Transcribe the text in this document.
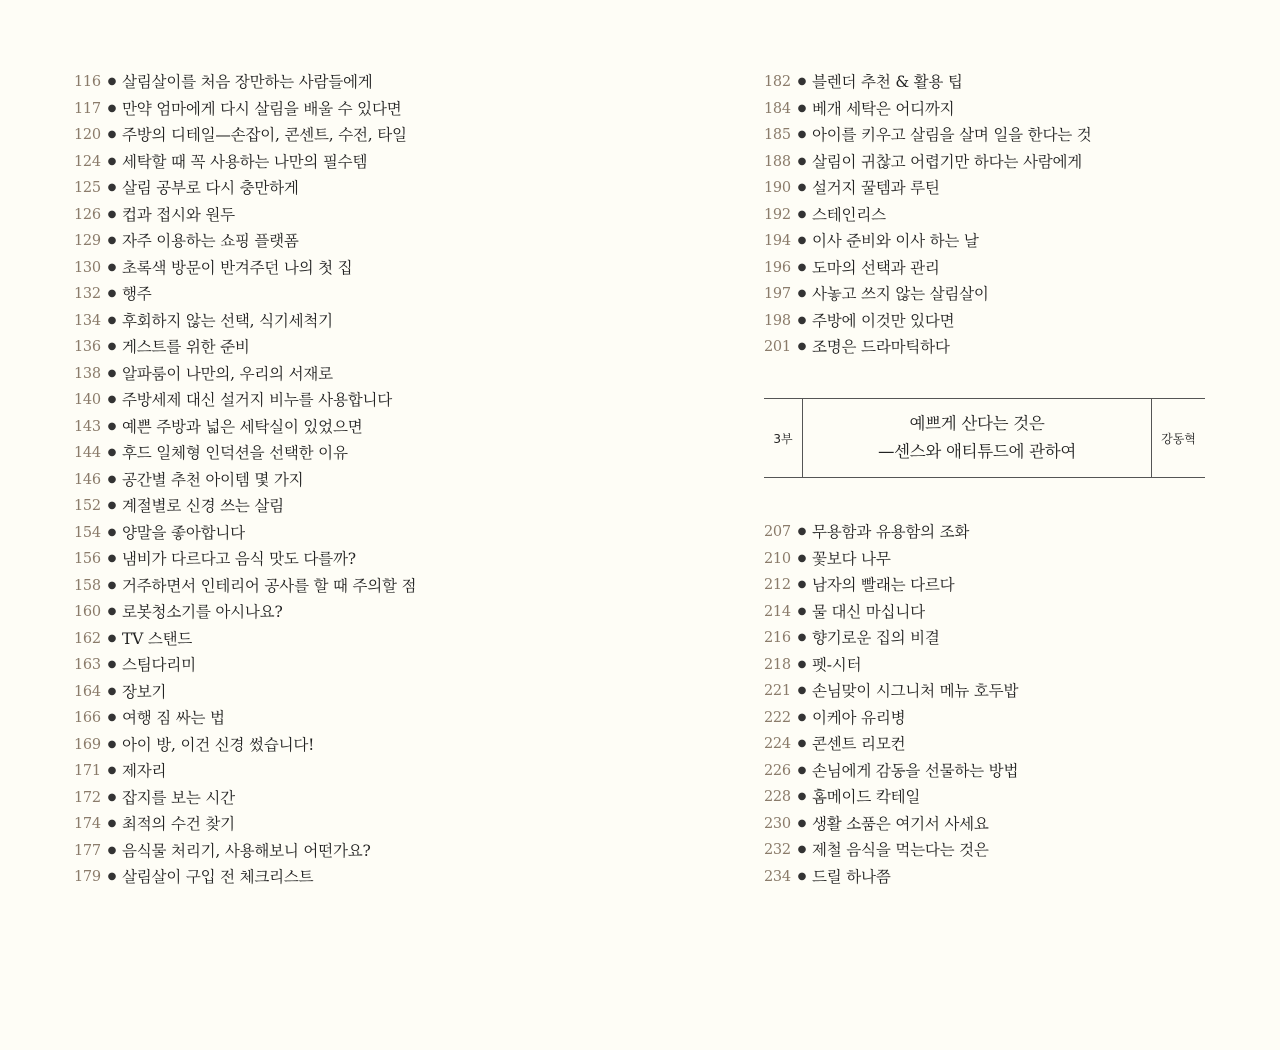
116 ● 살림살이를 처음 장만하는 사람들에게
117 ● 만약 엄마에게 다시 살림을 배울 수 있다면
120 ● 주방의 디테일—손잡이, 콘센트, 수전, 타일
124 ● 세탁할 때 꼭 사용하는 나만의 필수템
125 ● 살림 공부로 다시 충만하게
126 ● 컵과 접시와 원두
129 ● 자주 이용하는 쇼핑 플랫폼
130 ● 초록색 방문이 반겨주던 나의 첫 집
132 ● 행주
134 ● 후회하지 않는 선택, 식기세척기
136 ● 게스트를 위한 준비
138 ● 알파룸이 나만의, 우리의 서재로
140 ● 주방세제 대신 설거지 비누를 사용합니다
143 ● 예쁜 주방과 넓은 세탁실이 있었으면
144 ● 후드 일체형 인덕션을 선택한 이유
146 ● 공간별 추천 아이템 몇 가지
152 ● 계절별로 신경 쓰는 살림
154 ● 양말을 좋아합니다
156 ● 냄비가 다르다고 음식 맛도 다를까?
158 ● 거주하면서 인테리어 공사를 할 때 주의할 점
160 ● 로봇청소기를 아시나요?
162 ● TV 스탠드
163 ● 스팀다리미
164 ● 장보기
166 ● 여행 짐 싸는 법
169 ● 아이 방, 이건 신경 썼습니다!
171 ● 제자리
172 ● 잡지를 보는 시간
174 ● 최적의 수건 찾기
177 ● 음식물 처리기, 사용해보니 어떤가요?
179 ● 살림살이 구입 전 체크리스트
182 ● 블렌더 추천 & 활용 팁
184 ● 베개 세탁은 어디까지
185 ● 아이를 키우고 살림을 살며 일을 한다는 것
188 ● 살림이 귀찮고 어렵기만 하다는 사람에게
190 ● 설거지 꿀템과 루틴
192 ● 스테인리스
194 ● 이사 준비와 이사 하는 날
196 ● 도마의 선택과 관리
197 ● 사놓고 쓰지 않는 살림살이
198 ● 주방에 이것만 있다면
201 ● 조명은 드라마틱하다
3부
예쁘게 산다는 것은
—센스와 애티튜드에 관하여
강동혁
207 ● 무용함과 유용함의 조화
210 ● 꽃보다 나무
212 ● 남자의 빨래는 다르다
214 ● 물 대신 마십니다
216 ● 향기로운 집의 비결
218 ● 펫-시터
221 ● 손님맞이 시그니처 메뉴 호두밥
222 ● 이케아 유리병
224 ● 콘센트 리모컨
226 ● 손님에게 감동을 선물하는 방법
228 ● 홈메이드 칵테일
230 ● 생활 소품은 여기서 사세요
232 ● 제철 음식을 먹는다는 것은
234 ● 드릴 하나쯤
